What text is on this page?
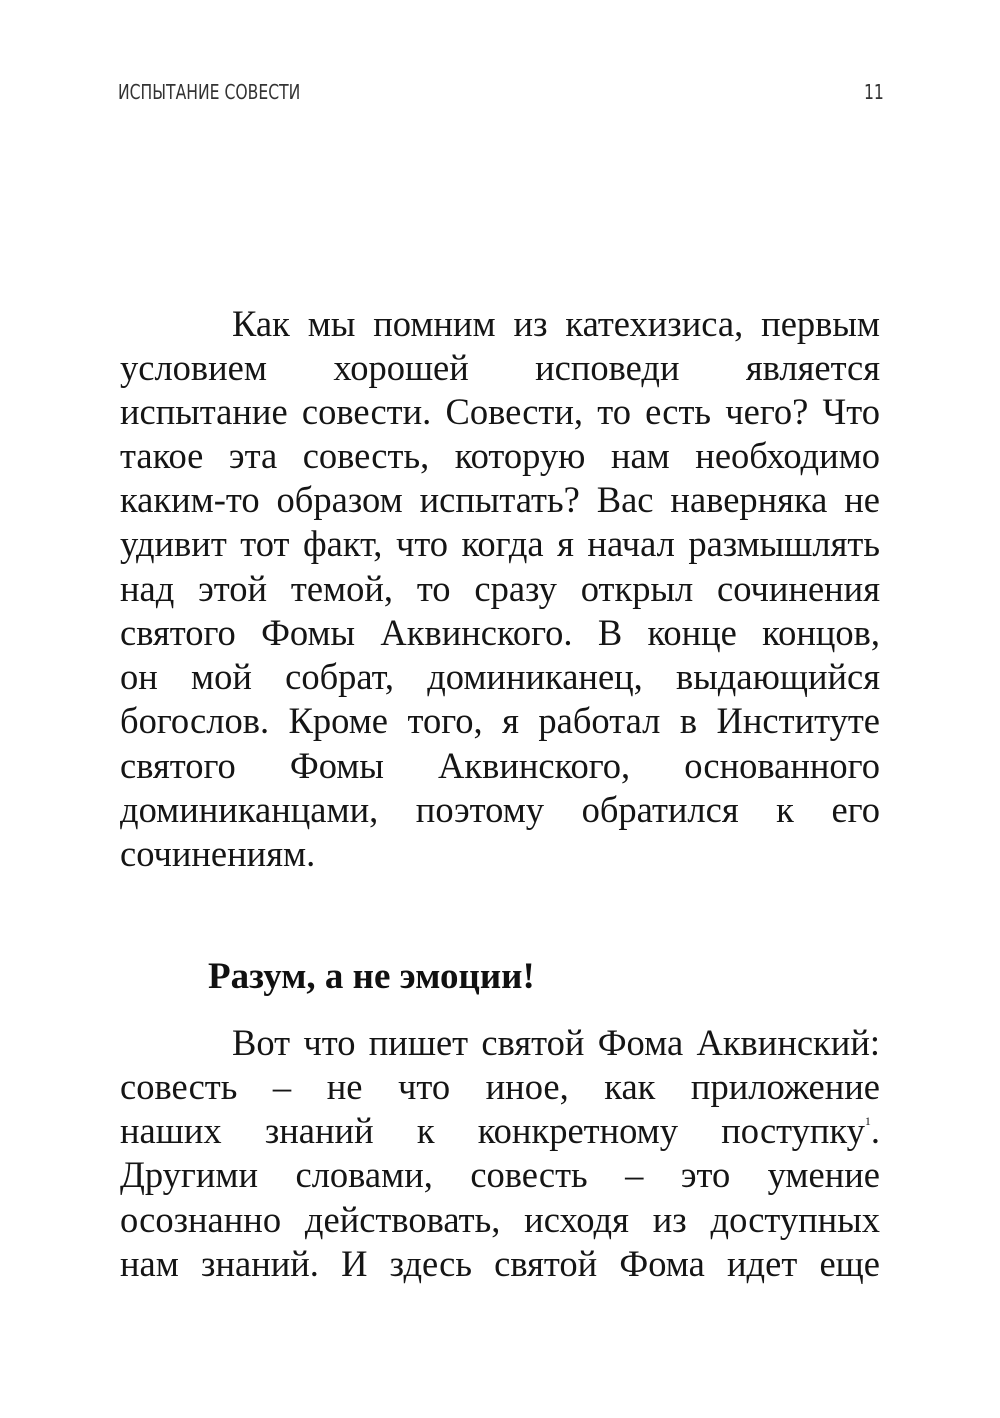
ИСПЫТАНИЕ СОВЕСТИ	11
Как мы помним из катехизиса, первым
условием хорошей исповеди является
испытание совести. Совести, то есть чего? Что
такое эта совесть, которую нам необходимо
каким-то образом испытать? Вас наверняка не
удивит тот факт, что когда я начал размышлять
над этой темой, то сразу открыл сочинения
святого Фомы Аквинского. В конце концов,
он мой собрат, доминиканец, выдающийся
богослов. Кроме того, я работал в Институте
святого Фомы Аквинского, основанного
доминиканцами, поэтому обратился к его
сочинениям.
Разум, а не эмоции!
Вот что пишет святой Фома Аквинский:
совесть – не что иное, как приложение
наших знаний к конкретному поступку$^1$.
Другими словами, совесть – это умение
осознанно действовать, исходя из доступных
нам знаний. И здесь святой Фома идет еще
